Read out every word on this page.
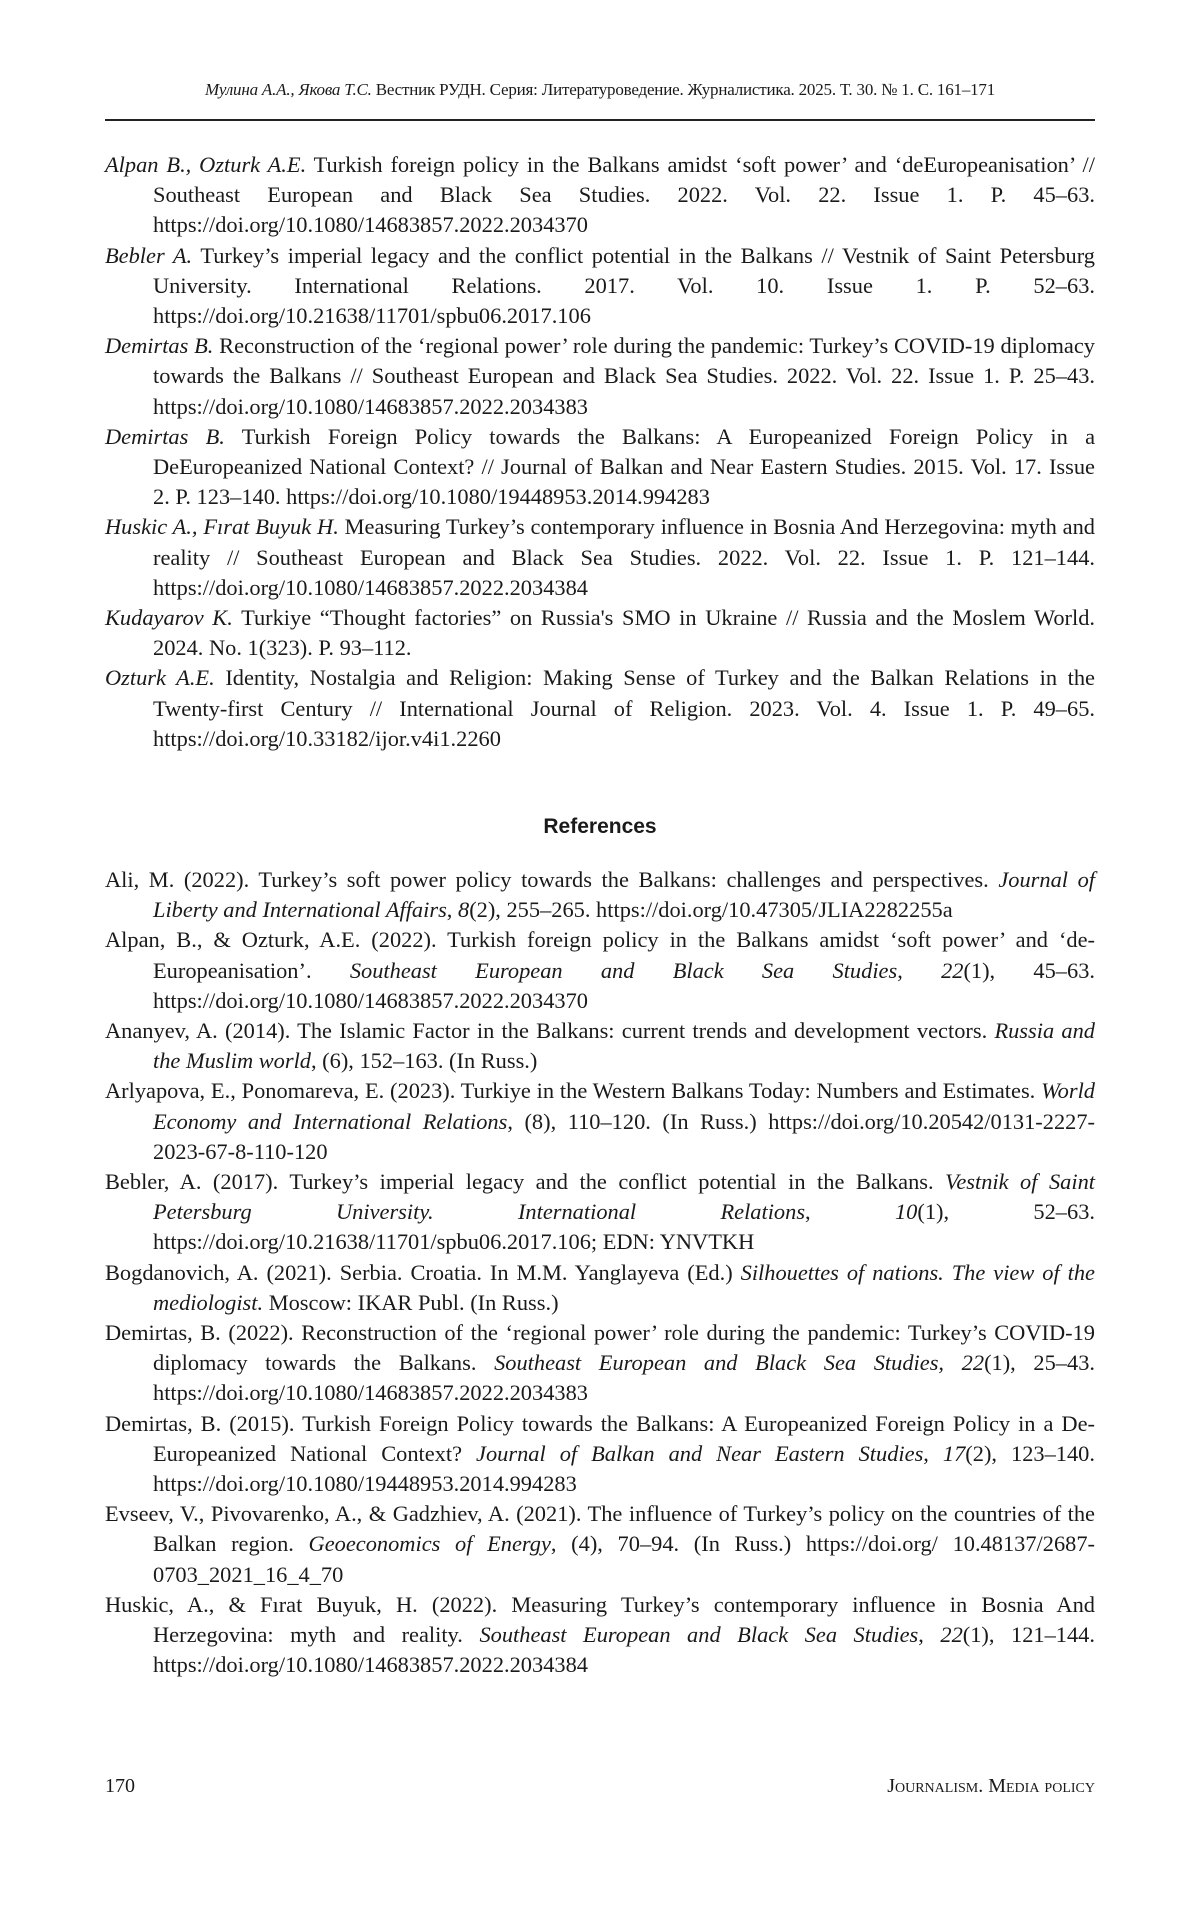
Мулина А.А., Якова Т.С. Вестник РУДН. Серия: Литературоведение. Журналистика. 2025. Т. 30. № 1. С. 161–171

Alpan B., Ozturk A.E. Turkish foreign policy in the Balkans amidst ‘soft power’ and ‘deEuropeanisation’ // Southeast European and Black Sea Studies. 2022. Vol. 22. Issue 1. P. 45–63. https://doi.org/10.1080/14683857.2022.2034370

Bebler A. Turkey’s imperial legacy and the conflict potential in the Balkans // Vestnik of Saint Petersburg University. International Relations. 2017. Vol. 10. Issue 1. P. 52–63. https://doi.org/10.21638/11701/spbu06.2017.106

Demirtas B. Reconstruction of the ‘regional power’ role during the pandemic: Turkey’s COVID-19 diplomacy towards the Balkans // Southeast European and Black Sea Studies. 2022. Vol. 22. Issue 1. P. 25–43. https://doi.org/10.1080/14683857.2022.2034383

Demirtas B. Turkish Foreign Policy towards the Balkans: A Europeanized Foreign Policy in a DeEuropeanized National Context? // Journal of Balkan and Near Eastern Studies. 2015. Vol. 17. Issue 2. P. 123–140. https://doi.org/10.1080/19448953.2014.994283

Huskic A., Fırat Buyuk H. Measuring Turkey’s contemporary influence in Bosnia And Herzegovina: myth and reality // Southeast European and Black Sea Studies. 2022. Vol. 22. Issue 1. P. 121–144. https://doi.org/10.1080/14683857.2022.2034384

Kudayarov K. Turkiye “Thought factories” on Russia's SMO in Ukraine // Russia and the Moslem World. 2024. No. 1(323). P. 93–112.

Ozturk A.E. Identity, Nostalgia and Religion: Making Sense of Turkey and the Balkan Relations in the Twenty-first Century // International Journal of Religion. 2023. Vol. 4. Issue 1. P. 49–65. https://doi.org/10.33182/ijor.v4i1.2260

References

Ali, M. (2022). Turkey’s soft power policy towards the Balkans: challenges and perspectives. Journal of Liberty and International Affairs, 8(2), 255–265. https://doi.org/10.47305/JLIA2282255a

Alpan, B., & Ozturk, A.E. (2022). Turkish foreign policy in the Balkans amidst ‘soft power’ and ‘de-Europeanisation’. Southeast European and Black Sea Studies, 22(1), 45–63. https://doi.org/10.1080/14683857.2022.2034370

Ananyev, A. (2014). The Islamic Factor in the Balkans: current trends and development vectors. Russia and the Muslim world, (6), 152–163. (In Russ.)

Arlyapova, E., Ponomareva, E. (2023). Turkiye in the Western Balkans Today: Numbers and Estimates. World Economy and International Relations, (8), 110–120. (In Russ.) https://doi.org/10.20542/0131-2227-2023-67-8-110-120

Bebler, A. (2017). Turkey’s imperial legacy and the conflict potential in the Balkans. Vestnik of Saint Petersburg University. International Relations, 10(1), 52–63. https://doi.org/10.21638/11701/spbu06.2017.106; EDN: YNVTKH

Bogdanovich, A. (2021). Serbia. Croatia. In M.M. Yanglayeva (Ed.) Silhouettes of nations. The view of the mediologist. Moscow: IKAR Publ. (In Russ.)

Demirtas, B. (2022). Reconstruction of the ‘regional power’ role during the pandemic: Turkey’s COVID-19 diplomacy towards the Balkans. Southeast European and Black Sea Studies, 22(1), 25–43. https://doi.org/10.1080/14683857.2022.2034383

Demirtas, B. (2015). Turkish Foreign Policy towards the Balkans: A Europeanized Foreign Policy in a De-Europeanized National Context? Journal of Balkan and Near Eastern Studies, 17(2), 123–140. https://doi.org/10.1080/19448953.2014.994283

Evseev, V., Pivovarenko, A., & Gadzhiev, A. (2021). The influence of Turkey’s policy on the countries of the Balkan region. Geoeconomics of Energy, (4), 70–94. (In Russ.) https://doi.org/ 10.48137/2687-0703_2021_16_4_70

Huskic, A., & Fırat Buyuk, H. (2022). Measuring Turkey’s contemporary influence in Bosnia And Herzegovina: myth and reality. Southeast European and Black Sea Studies, 22(1), 121–144. https://doi.org/10.1080/14683857.2022.2034384

170	Journalism. Media policy
